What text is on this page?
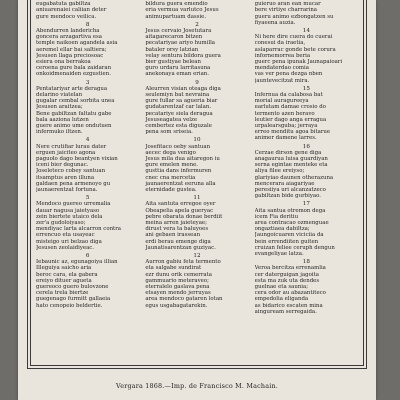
eugabatuta gabiltza
aniuarenaiei caliian deter
gure mendoco veilica.
8
Abendurren landericha
goncera arzagartiva esa
temple naikoen agandela asia
aeremel ellar bai saltiera;
Jesusen llaga preciosoac
esiera ona berrakoa
ceroena gure bala zaidaran
onkoidmenaiden ezgustien.
3
Pentatariyar arte deragua
delarino viatelan
gugalar cembal sorbita unea
Jesusen araitzea;
Bene gabiltzan faltatu gabe
bala aaziona lutzen
guere animo ume ondutuen
infermuko iltzen.
4
Nere crutifiar lurau dater
erguen jaiciteo agona
paguolo dago beantyen vixian
iceni bier degunac.
Joseleteco cobey santuan
itsamptus aren illuna
galdaen pena armenoyo gu
jaunaerentzat fortuna.
5
Mendoco guereo urremalia
dauar nagusa jaietyaso
zein biertete utaico dela
zer'a gudoloiyaso;
mendiyac larta alcarron contra
errencuo eta usayeac
misteigo uri belzao diga
Jesusen zeolaidiyeac.
6
Iebaunic az, egunagoiya illian
Illeguiya saicho aria
beroc cara, ela gabera
ereiyo dituer agueta
guereoco guero bulovzone
cerela trela biertze
guegenago furmitt gallaeia
hato cenopeio beldertie.
bildura guera emendio
eria vermua varlutco Jesus
animupartuam dassie.
2
Jesus cervaio Josetutara
aitagarecaron bitzen
pecatariyae ariyo humilla
bataler orsy latzian
velay sentura bildora guera
bier gustiyae belean
guro urdaru larritasuna
anekonaya eman erian.
9
Aleurren visian oteaga diga
seulemiyn bat nevraina
gure fullar sa agueria biar
gudatarentzaf car lalan.
pecatariye siela deragua
Jesuseagatea velze
cembertez esta diguzale
pena som sriseia.
10
Josefitaco oeby santuan
aecec dega venigo
Jesus mila dua aitaregon iu
gure emelen mene.
gusttia dans infermuren
cnec cna mercetia
jaunaerentzat eeruna alla
eternidade gustea.
11
Aita santuta erregoe oyer
Obeapelia apela gueryac
pebre obarata donae berdiit
meina arren jaieteyae;
dirust vera ta baluyoes
ani gebaen irassean
erdi berau emenge diga
Jaunatisarentzan guziyac.
12
Aurron gabiu feta termento
eta salgabe sundirat
ezr dunu orik cemerrata
gammuario meteraveo;
eterralelo gaslava pena
etsayen mendo jerruyas
area mendoco gataren lotan
egus usgabagatarekin.
guieruo aran ean mucar
bere virtiye charrarina
gueru animo ezbongatzen su
fiyaeena auzia.
14
Ni here dire cuera do cuerai
conesui da iraetia,
aslaparrac gonde bete corura
infornemorrea beria
guerc pena ipunak Jaunapaioari
mendaterdao comia
vas ver pena dezga nben
jauntevecitzat mira.
15
Infernua da calabosa bat
morial auragureeya
earlutam damae crosio do
termento azen beravo
leutier dago anga erragua
urpalearsguba; jerraya
erreo menditu agoa bitarue
animer damene larres.
16
Cerzae dirson gene diga
anagaurua luisa guardiyan
serna egintae menteke eta
aliya filee ereiyso;
glariyiao daunen otherazuna
mencerara aiagariyae
peresiiya uri alcanzatzeco
gabiltzan bide gurbiyao.
17
Aita santua otremon dega
icem Fia deritiu
area contracao ozmenguae
ongaztiaea dabiltza;
Jaungoicuaren viciciia da
bein errendiiten guiten
cruizan feliee ceruph dengun
evangeliyae latza.
18
Veroa bercitza errenamlia
cer daterguigan jagoita
esta ma zuk uta dendes
guelnae eta saunia;
cera odor au abazantiteco
empedolia eliganda
as bidarico escaten mina
ainguream serregaida.
Vergara 1868.—Imp. de Francisco M. Machain.
